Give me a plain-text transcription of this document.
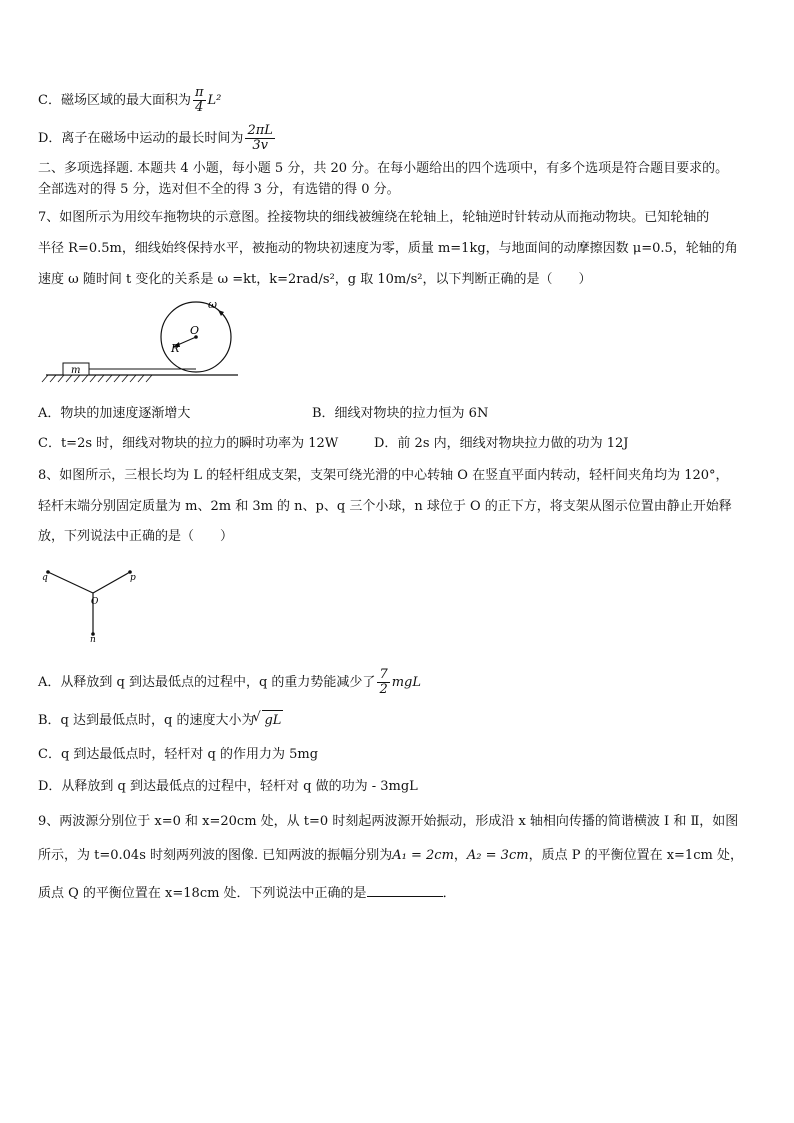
C．磁场区域的最大面积为 $\frac{\pi}{4} L^2$
D．离子在磁场中运动的最长时间为 $\frac{2\pi L}{3v}$
二、多项选择题. 本题共 4 小题，每小题 5 分，共 20 分。在每小题给出的四个选项中，有多个选项是符合题目要求的。
全部选对的得 5 分，选对但不全的得 3 分，有选错的得 0 分。
7、如图所示为用绞车拖物块的示意图。拴接物块的细线被缠绕在轮轴上，轮轴逆时针转动从而拖动物块。已知轮轴的
半径 R=0.5m，细线始终保持水平，被拖动的物块初速度为零，质量 m=1kg，与地面间的动摩擦因数 μ=0.5，轮轴的角
速度 ω 随时间 t 变化的关系是 ω =kt，k=2rad/s²，g 取 10m/s²，以下判断正确的是（　　）
m
O
R
ω
A．物块的加速度逐渐增大	B．细线对物块的拉力恒为 6N
C．t=2s 时，细线对物块的拉力的瞬时功率为 12W	D．前 2s 内，细线对物块拉力做的功为 12J
8、如图所示，三根长均为 L 的轻杆组成支架，支架可绕光滑的中心转轴 O 在竖直平面内转动，轻杆间夹角均为 120°，
轻杆末端分别固定质量为 m、2m 和 3m 的 n、p、q 三个小球，n 球位于 O 的正下方，将支架从图示位置由静止开始释
放，下列说法中正确的是（　　）
q	p
O
n
A．从释放到 q 到达最低点的过程中，q 的重力势能减少了 $\frac{7}{2}$ mgL
B．q 达到最低点时，q 的速度大小为√ gL
C．q 到达最低点时，轻杆对 q 的作用力为 5mg
D．从释放到 q 到达最低点的过程中，轻杆对 q 做的功为 - 3mgL
9、两波源分别位于 x=0 和 x=20cm 处，从 t=0 时刻起两波源开始振动，形成沿 x 轴相向传播的简谐横波 Ⅰ 和 Ⅱ，如图
所示，为 t=0.04s 时刻两列波的图像. 已知两波的振幅分别为A₁ = 2cm，A₂ = 3cm，质点 P 的平衡位置在 x=1cm 处，
质点 Q 的平衡位置在 x=18cm 处．下列说法中正确的是	．
